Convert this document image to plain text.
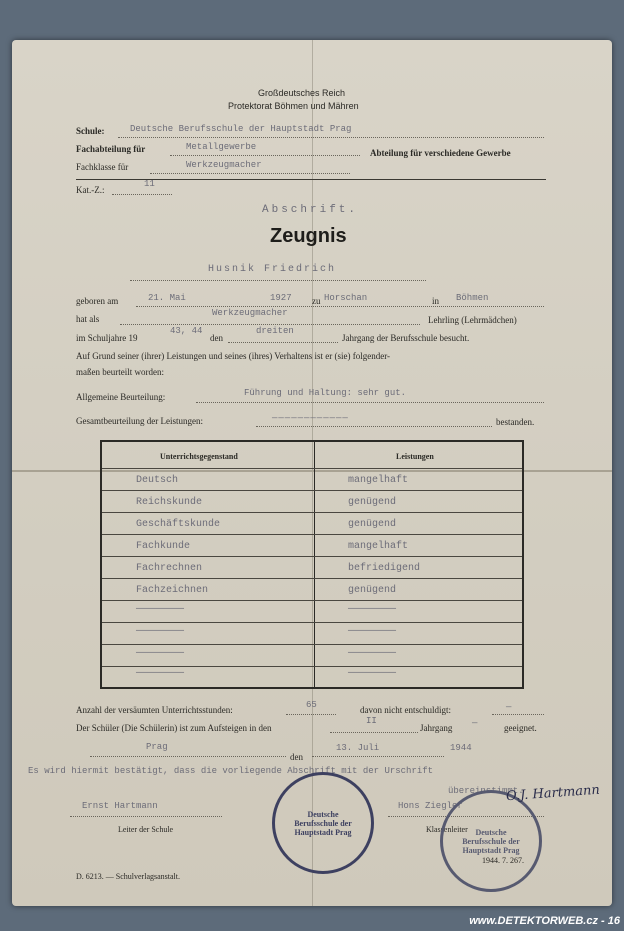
Großdeutsches Reich
Protektorat Böhmen und Mähren
Schule:	Deutsche Berufsschule der Hauptstadt Prag
Fachabteilung für	Metallgewerbe
Abteilung für verschiedene Gewerbe
Fachklasse für	Werkzeugmacher
Kat.-Z.:
11
Abschrift.
Zeugnis
Husnik Friedrich
geboren am	21. Mai	1927 zu Horschan	in Böhmen
hat als
Werkzeugmacher
Lehrling (Lehrmädchen)
im Schuljahre 19
43, 44
den
dreiten
Jahrgang der Berufsschule besucht.
Auf Grund seiner (ihrer) Leistungen und seines (ihres) Verhaltens ist er (sie) folgender-
maßen beurteilt worden:
Allgemeine Beurteilung:	Führung und Haltung: sehr gut.
Gesamtbeurteilung der Leistungen:	————————————	bestanden.
Unterrichtsgegenstand	Leistungen
Deutsch	mangelhaft
Reichskunde	genügend
Geschäftskunde	genügend
Fachkunde	mangelhaft
Fachrechnen	befriedigend
Fachzeichnen	genügend
————————	————————
————————	————————
————————	————————
————————	————————
Anzahl der versäumten Unterrichtsstunden:	65	davon nicht entschuldigt:	—
Der Schüler (Die Schülerin) ist zum Aufsteigen in den
II
Jahrgang —	geeignet.
Prag
den
13. Juli	1944
Es wird hiermit bestätigt, dass die vorliegende Abschrift mit der Urschrift
übereinstimmt.
Ernst Hartmann
Leiter der Schule
Hons Ziegler
Klassenleiter
D. 6213. — Schulverlagsanstalt.
1944. 7. 267.
Deutsche Berufsschule der Hauptstadt Prag	Deutsche Berufsschule der Hauptstadt Prag
O.J. Hartmann
www.DETEKTORWEB.cz - 16
